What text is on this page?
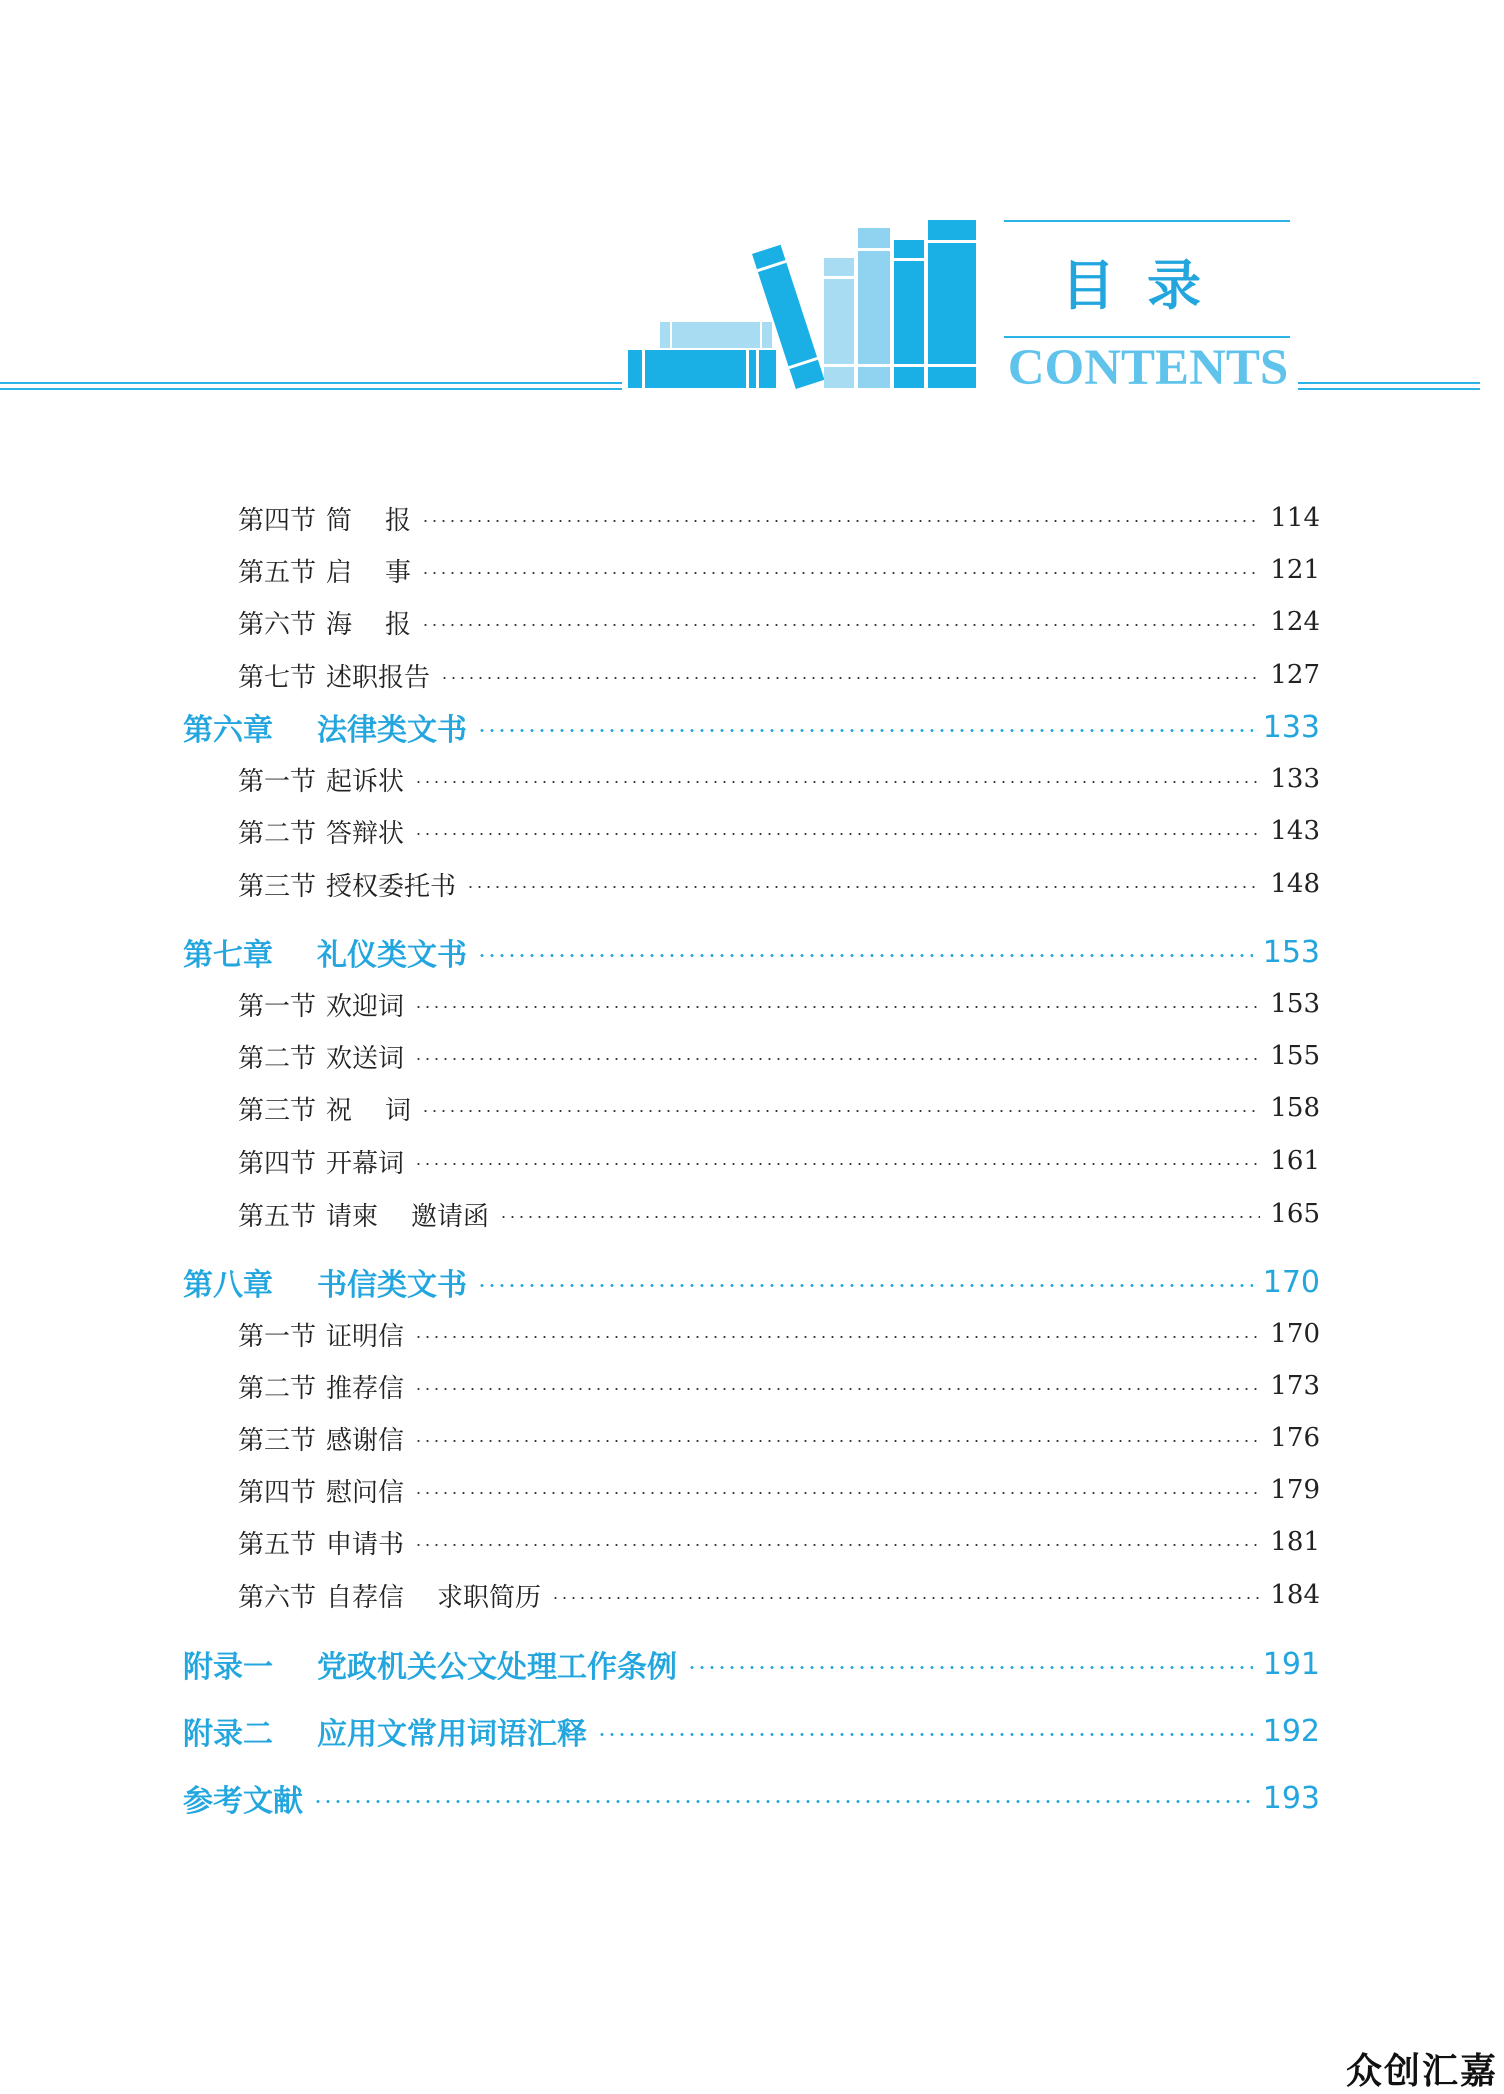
目录
CONTENTS
第四节 简    报	114
第五节 启    事	121
第六节 海    报	124
第七节 述职报告	127
第六章	法律类文书	133
第一节 起诉状	133
第二节 答辩状	143
第三节 授权委托书	148
第七章	礼仪类文书	153
第一节 欢迎词	153
第二节 欢送词	155
第三节 祝    词	158
第四节 开幕词	161
第五节 请柬    邀请函	165
第八章	书信类文书	170
第一节 证明信	170
第二节 推荐信	173
第三节 感谢信	176
第四节 慰问信	179
第五节 申请书	181
第六节 自荐信    求职简历	184
附录一	党政机关公文处理工作条例	191
附录二	应用文常用词语汇释	192
参考文献	193
众创汇嘉
